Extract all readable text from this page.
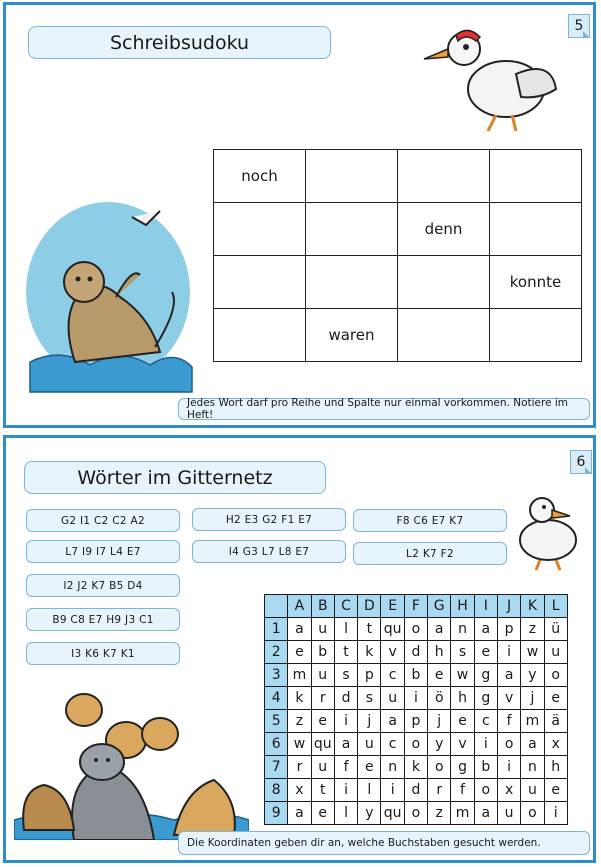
Schreibsudoku
5
noch			
		denn	
			konnte
	waren		
Jedes Wort darf pro Reihe und Spalte nur einmal vorkommen. Notiere im Heft!
Wörter im Gitternetz
6
G2 I1 C2 C2 A2	H2 E3 G2 F1 E7	F8 C6 E7 K7
L7 I9 I7 L4 E7	I4 G3 L7 L8 E7	L2 K7 F2
I2 J2 K7 B5 D4
B9 C8 E7 H9 J3 C1
I3 K6 K7 K1
	A	B	C	D	E	F	G	H	I	J	K	L
1	a	u	l	t	qu	o	a	n	a	p	z	ü
2	e	b	t	k	v	d	h	s	e	i	w	u
3	m	u	s	p	c	b	e	w	g	a	y	o
4	k	r	d	s	u	i	ö	h	g	v	j	e
5	z	e	i	j	a	p	j	e	c	f	m	ä
6	w	qu	a	u	c	o	y	v	i	o	a	x
7	r	u	f	e	n	k	o	g	b	i	n	h
8	x	t	i	l	i	d	r	f	o	x	u	e
9	a	e	l	y	qu	o	z	m	a	u	o	i
Die Koordinaten geben dir an, welche Buchstaben gesucht werden.
